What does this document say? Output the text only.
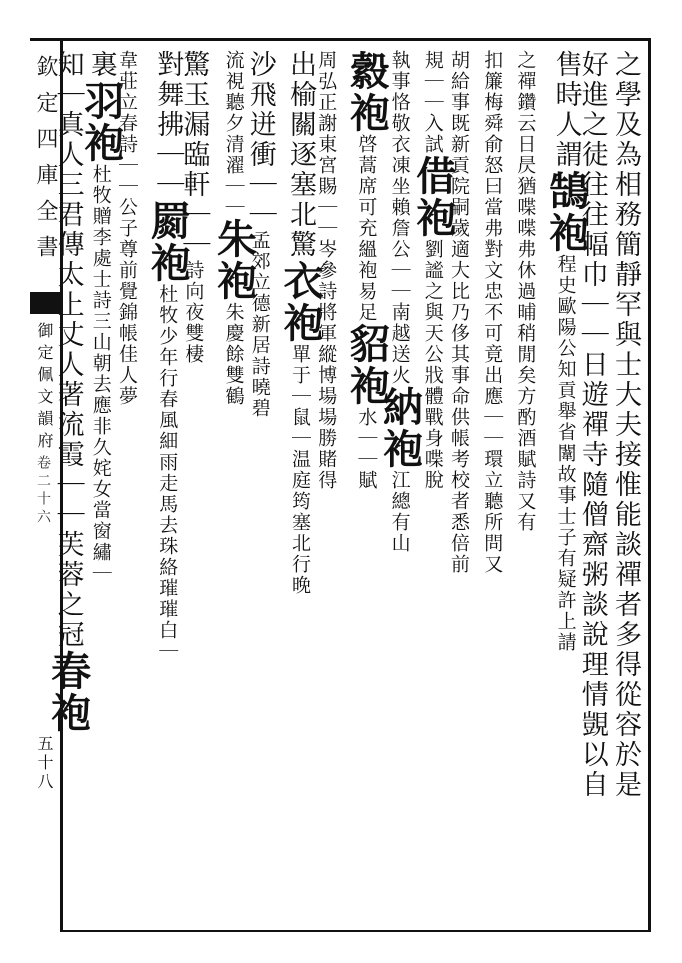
欽定四庫全書
御定佩文韻府
卷二十六
五十八	之學及為相務簡靜罕與士大夫接惟能談禪者多得從容於是
好進之徒往往幅巾｜｜日遊禪寺隨僧齋粥談說理情覬以自
售時人謂鵠袍程史歐陽公知貢舉省闈故事士子有疑許上請
之禪鑽云日昃猶喋喋弗休過晡稍閒矣方酌酒賦詩又有
扣簾梅舜俞怒曰當弗對文忠不可竟出應｜｜環立聽所問又
胡給事既新貢院嗣歲適大比乃侈其事命供帳考校者悉倍前
規｜｜入試借袍劉謐之與天公戕體戰身喋脫
執事恪敬衣凍坐賴詹公｜｜南越送火納袍江總有山
縠袍啓蒿席可充縕袍易足貂袍水｜｜賦
周弘正謝東宮賜｜｜岑參詩將軍縱博場場勝賭得
出榆關逐塞北驚衣袍單于｜鼠｜温庭筠塞北行晚
沙飛迸衝｜｜孟郊立德新居詩曉碧
流視聽夕清濯｜｜朱袍朱慶餘雙鶴
驚玉漏臨軒｜｜詩向夜雙棲
對舞拂｜｜罽袍杜牧少年行春風細雨走馬去珠絡璀璀白｜
韋莊立春詩｜｜公子尊前覺錦帳佳人夢
裏羽袍杜牧贈李處士詩三山朝去應非久姹女當窗繡｜
知｜真人三君傳太上丈人著流霞｜｜芙蓉之冠春袍
